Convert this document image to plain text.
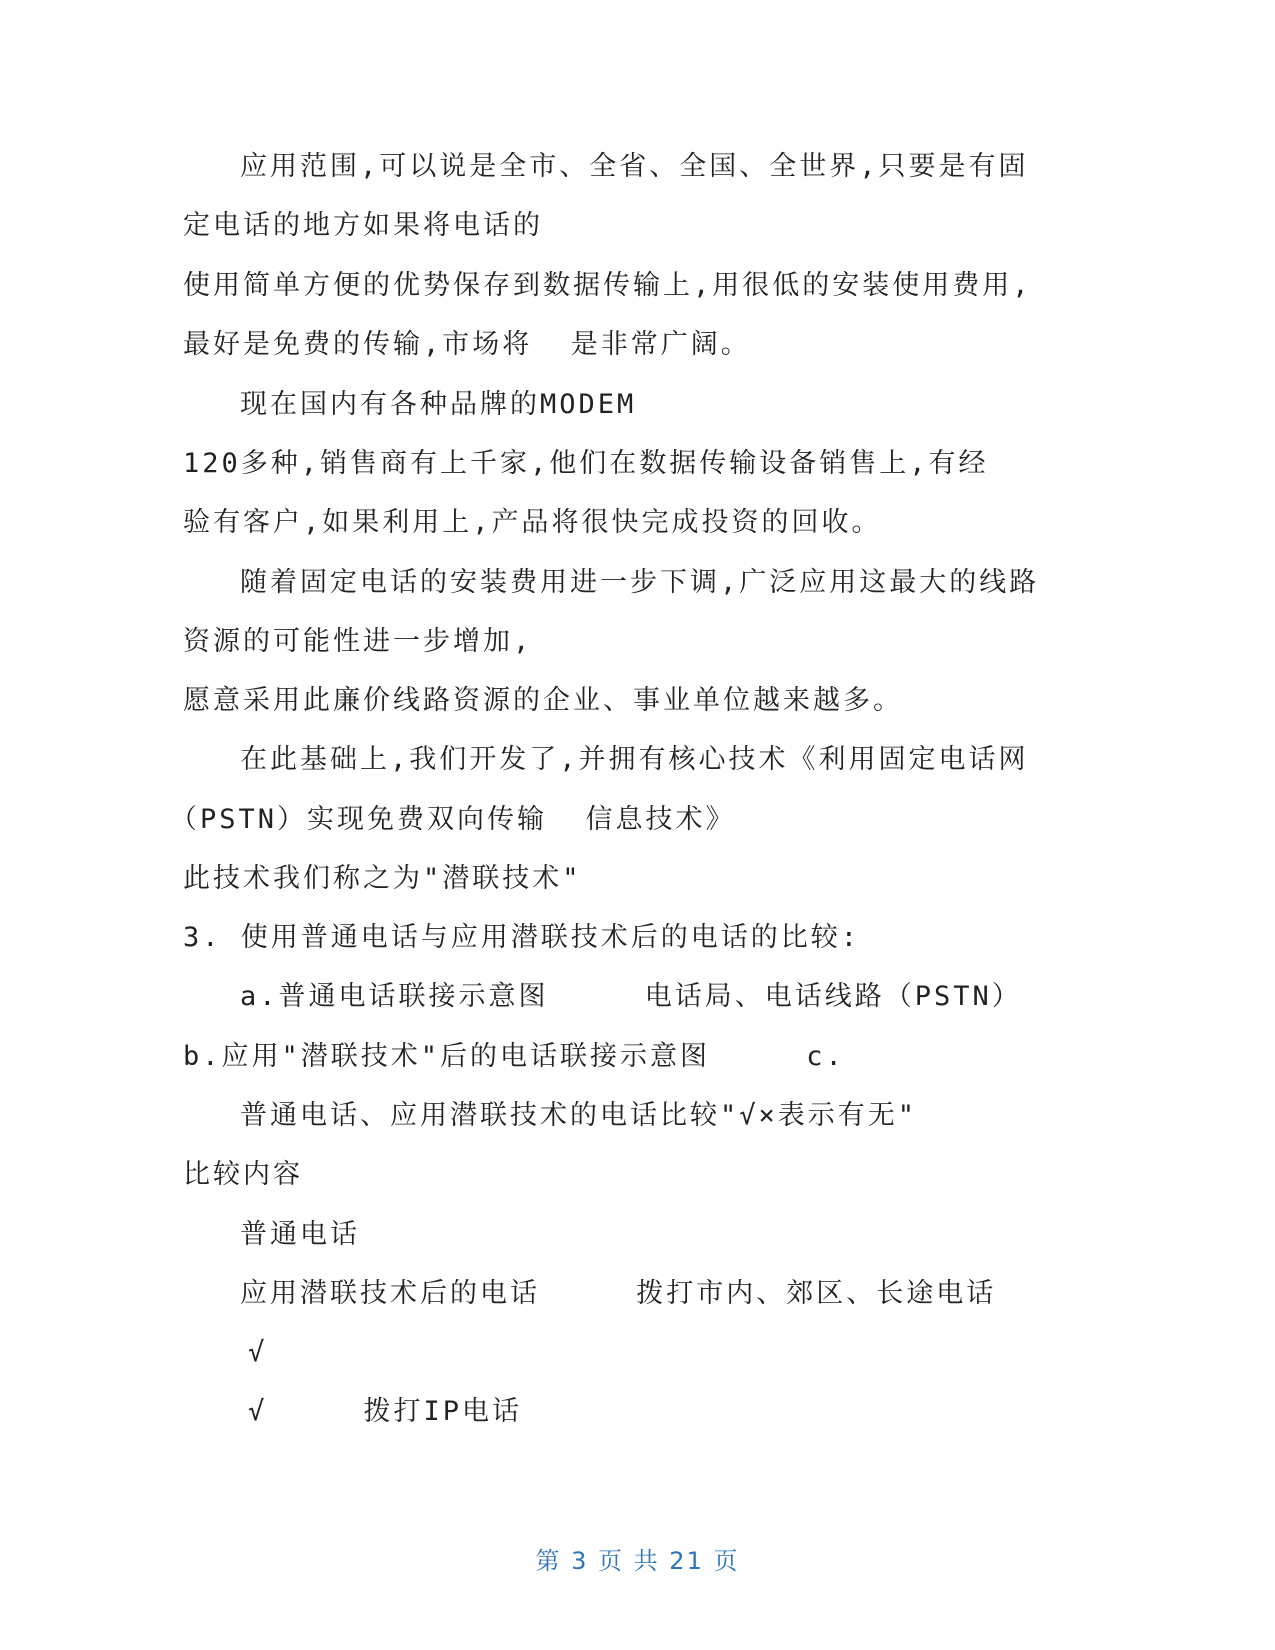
应用范围,可以说是全市、全省、全国、全世界,只要是有固
定电话的地方如果将电话的
使用简单方便的优势保存到数据传输上,用很低的安装使用费用,
最好是免费的传输,市场将  是非常广阔。
现在国内有各种品牌的MODEM
120多种,销售商有上千家,他们在数据传输设备销售上,有经
验有客户,如果利用上,产品将很快完成投资的回收。
随着固定电话的安装费用进一步下调,广泛应用这最大的线路
资源的可能性进一步增加,
愿意采用此廉价线路资源的企业、事业单位越来越多。
在此基础上,我们开发了,并拥有核心技术《利用固定电话网
（PSTN）实现免费双向传输  信息技术》
此技术我们称之为"潜联技术"
3. 使用普通电话与应用潜联技术后的电话的比较:
a.普通电话联接示意图     电话局、电话线路（PSTN）
b.应用"潜联技术"后的电话联接示意图     c.
普通电话、应用潜联技术的电话比较"√×表示有无"
比较内容
普通电话
应用潜联技术后的电话     拨打市内、郊区、长途电话
√
√     拨打IP电话
第 3 页 共 21 页
